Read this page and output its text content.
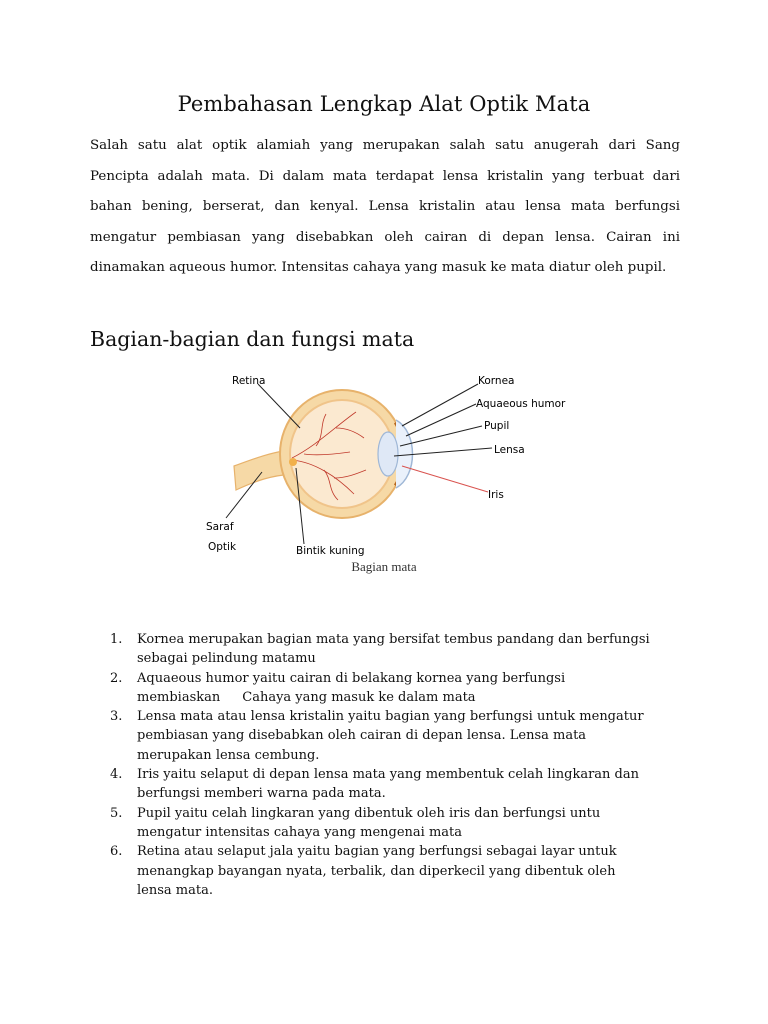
Pembahasan Lengkap Alat Optik Mata
Salah satu alat optik alamiah yang merupakan salah satu anugerah dari Sang
Pencipta adalah mata. Di dalam mata terdapat lensa kristalin yang terbuat dari
bahan bening, berserat, dan kenyal. Lensa kristalin atau lensa mata berfungsi
mengatur pembiasan yang disebabkan oleh cairan di depan lensa. Cairan ini
dinamakan aqueous humor. Intensitas cahaya yang masuk ke mata diatur oleh pupil.
Bagian-bagian dan fungsi mata
Retina	Kornea
Aquaeous humor
Pupil
Lensa
Iris
Saraf
Optik	Bintik kuning
Bagian mata
1.	Kornea merupakan bagian mata yang bersifat tembus pandang dan berfungsi
sebagai pelindung matamu
2.	Aquaeous humor yaitu cairan di belakang kornea yang berfungsi
membiaskan Cahaya yang masuk ke dalam mata
3.	Lensa mata atau lensa kristalin yaitu bagian yang berfungsi untuk mengatur
pembiasan yang disebabkan oleh cairan di depan lensa. Lensa mata
merupakan lensa cembung.
4.	Iris yaitu selaput di depan lensa mata yang membentuk celah lingkaran dan
berfungsi memberi warna pada mata.
5.	Pupil yaitu celah lingkaran yang dibentuk oleh iris dan berfungsi untu
mengatur intensitas cahaya yang mengenai mata
6.	Retina atau selaput jala yaitu bagian yang berfungsi sebagai layar untuk
menangkap bayangan nyata, terbalik, dan diperkecil yang dibentuk oleh
lensa mata.
